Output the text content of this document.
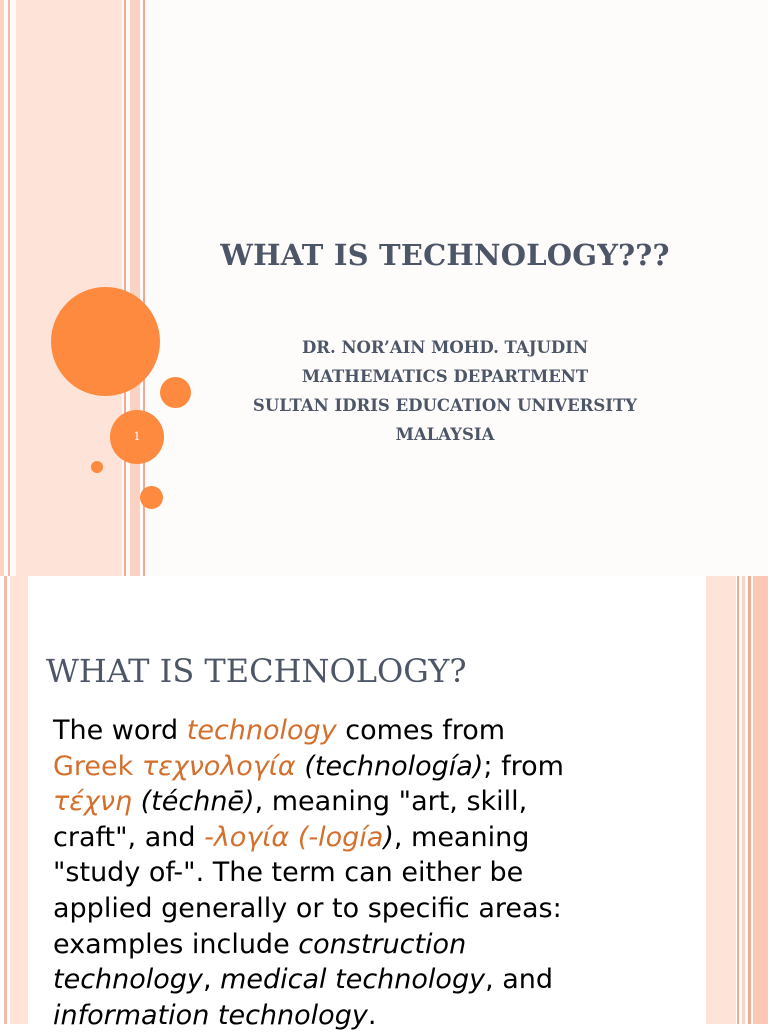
1
WHAT IS TECHNOLOGY???
DR. NOR’AIN MOHD. TAJUDIN
MATHEMATICS DEPARTMENT
SULTAN IDRIS EDUCATION UNIVERSITY
MALAYSIA
WHAT IS TECHNOLOGY?
The word technology comes from
Greek τεχνολογία (technología); from
τέχνη (téchnē), meaning "art, skill,
craft", and -λογία (-logía), meaning
"study of-". The term can either be
applied generally or to specific areas:
examples include construction
technology, medical technology, and
information technology.
